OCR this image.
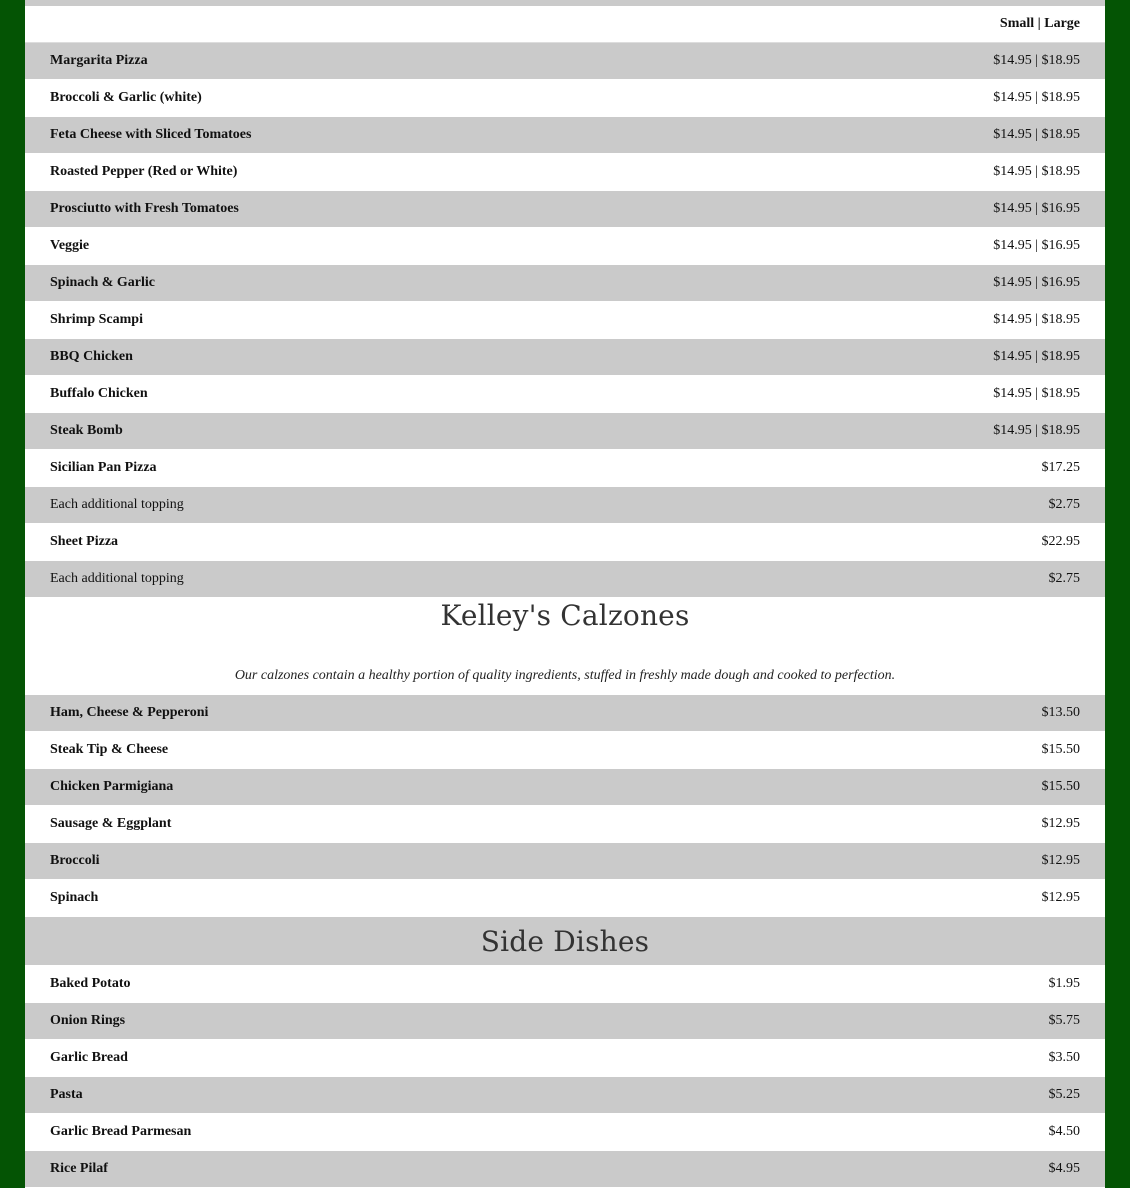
Small | Large
Margarita Pizza	$14.95 | $18.95
Broccoli & Garlic (white)	$14.95 | $18.95
Feta Cheese with Sliced Tomatoes	$14.95 | $18.95
Roasted Pepper (Red or White)	$14.95 | $18.95
Prosciutto with Fresh Tomatoes	$14.95 | $16.95
Veggie	$14.95 | $16.95
Spinach & Garlic	$14.95 | $16.95
Shrimp Scampi	$14.95 | $18.95
BBQ Chicken	$14.95 | $18.95
Buffalo Chicken	$14.95 | $18.95
Steak Bomb	$14.95 | $18.95
Sicilian Pan Pizza	$17.25
Each additional topping	$2.75
Sheet Pizza	$22.95
Each additional topping	$2.75
Kelley's Calzones
Our calzones contain a healthy portion of quality ingredients, stuffed in freshly made dough and cooked to perfection.
Ham, Cheese & Pepperoni	$13.50
Steak Tip & Cheese	$15.50
Chicken Parmigiana	$15.50
Sausage & Eggplant	$12.95
Broccoli	$12.95
Spinach	$12.95
Side Dishes
Baked Potato	$1.95
Onion Rings	$5.75
Garlic Bread	$3.50
Pasta	$5.25
Garlic Bread Parmesan	$4.50
Rice Pilaf	$4.95
